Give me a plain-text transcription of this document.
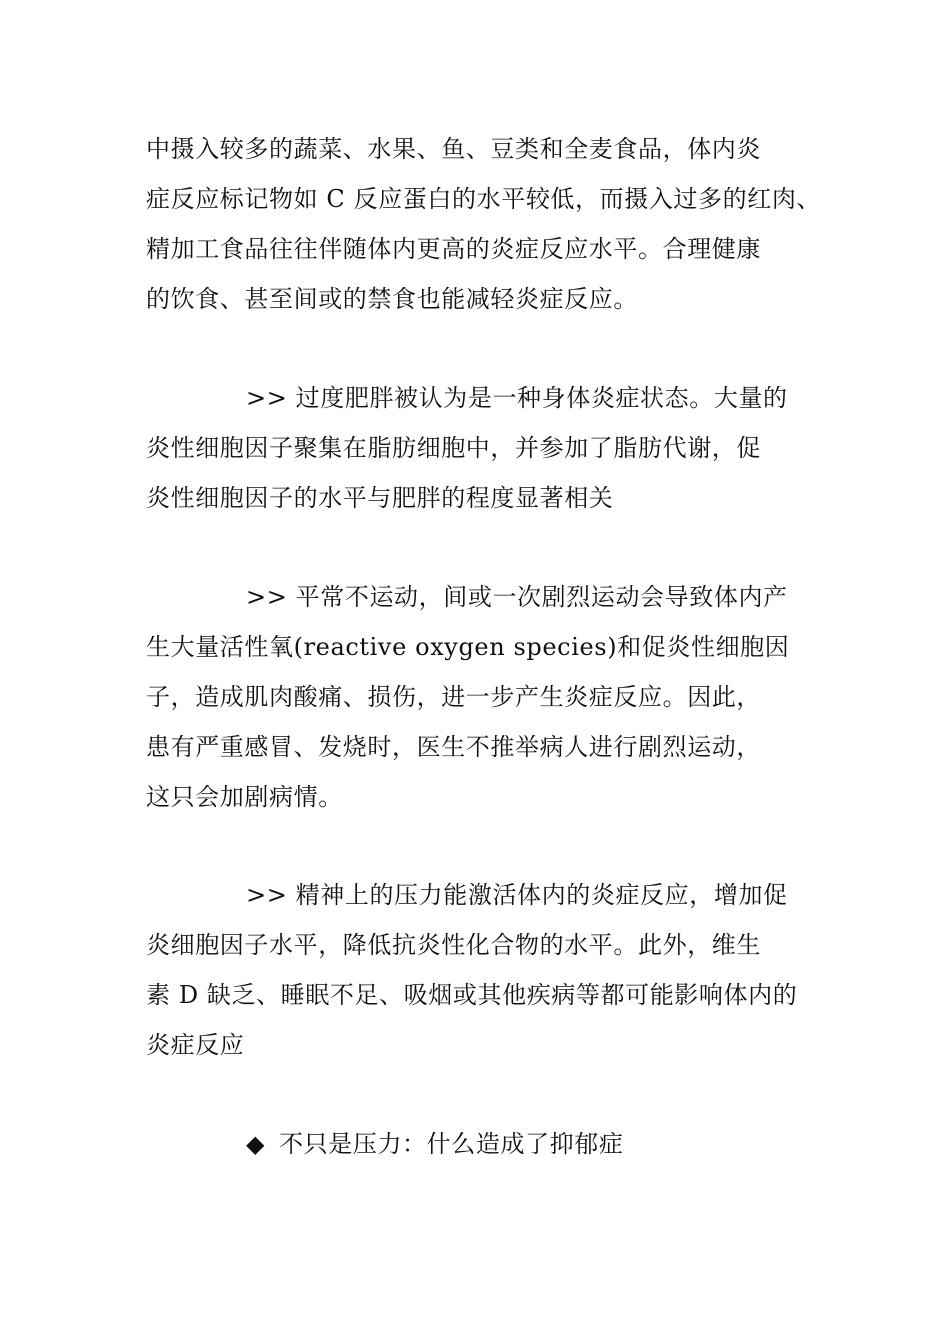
中摄入较多的蔬菜、水果、鱼、豆类和全麦食品，体内炎
症反应标记物如 C 反应蛋白的水平较低，而摄入过多的红肉、
精加工食品往往伴随体内更高的炎症反应水平。合理健康
的饮食、甚至间或的禁食也能减轻炎症反应。
>> 过度肥胖被认为是一种身体炎症状态。大量的
炎性细胞因子聚集在脂肪细胞中，并参加了脂肪代谢，促
炎性细胞因子的水平与肥胖的程度显著相关
>> 平常不运动，间或一次剧烈运动会导致体内产
生大量活性氧(reactive oxygen species)和促炎性细胞因
子，造成肌肉酸痛、损伤，进一步产生炎症反应。因此，
患有严重感冒、发烧时，医生不推举病人进行剧烈运动，
这只会加剧病情。
>> 精神上的压力能激活体内的炎症反应，增加促
炎细胞因子水平，降低抗炎性化合物的水平。此外，维生
素 D 缺乏、睡眠不足、吸烟或其他疾病等都可能影响体内的
炎症反应
◆ 不只是压力：什么造成了抑郁症
